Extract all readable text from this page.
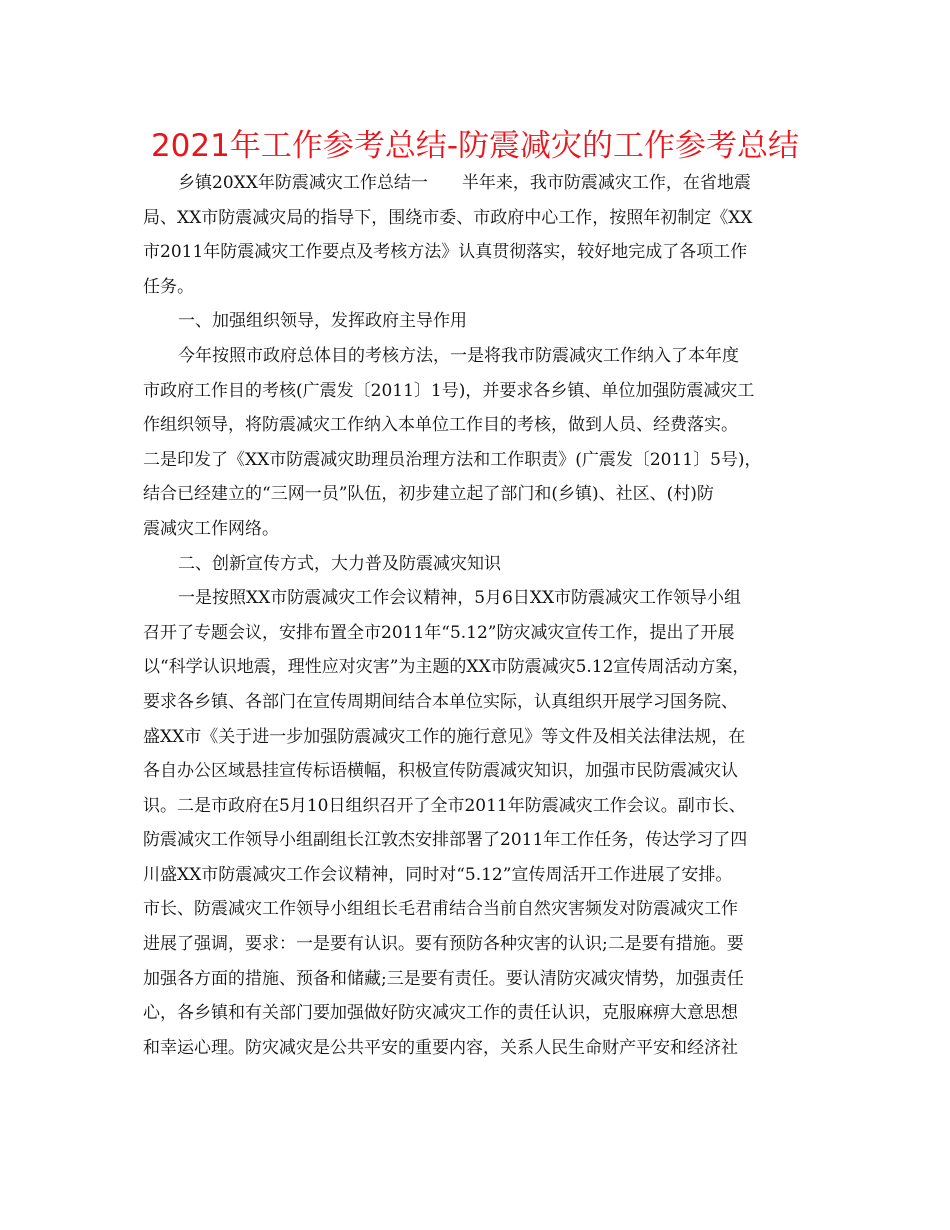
2021年工作参考总结-防震减灾的工作参考总结
乡镇20XX年防震减灾工作总结一　　半年来，我市防震减灾工作，在省地震
局、XX市防震减灾局的指导下，围绕市委、市政府中心工作，按照年初制定《XX
市2011年防震减灾工作要点及考核方法》认真贯彻落实，较好地完成了各项工作
任务。
一、加强组织领导，发挥政府主导作用
今年按照市政府总体目的考核方法，一是将我市防震减灾工作纳入了本年度
市政府工作目的考核(广震发〔2011〕1号)，并要求各乡镇、单位加强防震减灾工
作组织领导，将防震减灾工作纳入本单位工作目的考核，做到人员、经费落实。
二是印发了《XX市防震减灾助理员治理方法和工作职责》(广震发〔2011〕5号)，
结合已经建立的“三网一员”队伍，初步建立起了部门和(乡镇)、社区、(村)防
震减灾工作网络。
二、创新宣传方式，大力普及防震减灾知识
一是按照XX市防震减灾工作会议精神，5月6日XX市防震减灾工作领导小组
召开了专题会议，安排布置全市2011年“5.12”防灾减灾宣传工作，提出了开展
以“科学认识地震，理性应对灾害”为主题的XX市防震减灾5.12宣传周活动方案，
要求各乡镇、各部门在宣传周期间结合本单位实际，认真组织开展学习国务院、
盛XX市《关于进一步加强防震减灾工作的施行意见》等文件及相关法律法规，在
各自办公区域悬挂宣传标语横幅，积极宣传防震减灾知识，加强市民防震减灾认
识。二是市政府在5月10日组织召开了全市2011年防震减灾工作会议。副市长、
防震减灾工作领导小组副组长江敦杰安排部署了2011年工作任务，传达学习了四
川盛XX市防震减灾工作会议精神，同时对“5.12”宣传周活开工作进展了安排。
市长、防震减灾工作领导小组组长毛君甫结合当前自然灾害频发对防震减灾工作
进展了强调，要求：一是要有认识。要有预防各种灾害的认识;二是要有措施。要
加强各方面的措施、预备和储藏;三是要有责任。要认清防灾减灾情势，加强责任
心，各乡镇和有关部门要加强做好防灾减灾工作的责任认识，克服麻痹大意思想
和幸运心理。防灾减灾是公共平安的重要内容，关系人民生命财产平安和经济社
